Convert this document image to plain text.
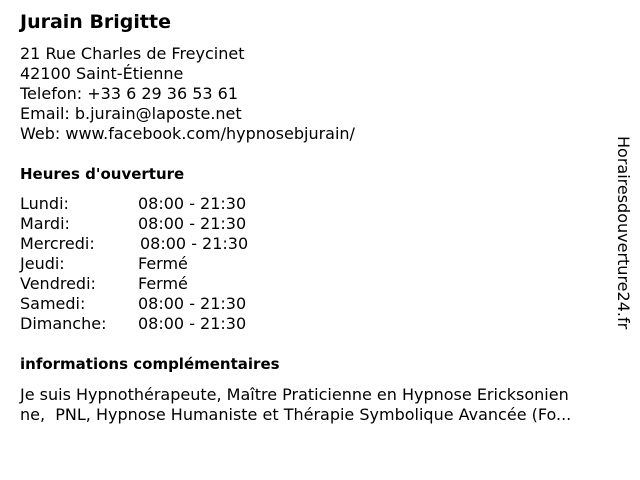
Jurain Brigitte
21 Rue Charles de Freycinet
42100 Saint-Étienne
Telefon: +33 6 29 36 53 61
Email: b.jurain@laposte.net
Web: www.facebook.com/hypnosebjurain/
Heures d'ouverture
Lundi:	08:00 - 21:30
Mardi:	08:00 - 21:30
Mercredi:	08:00 - 21:30
Jeudi:	Fermé
Vendredi:	Fermé
Samedi:	08:00 - 21:30
Dimanche: 08:00 - 21:30
informations complémentaires
Je suis Hypnothérapeute, Maître Praticienne en Hypnose Ericksonien
ne,  PNL, Hypnose Humaniste et Thérapie Symbolique Avancée (Fo...
Horairesdouverture24.fr
